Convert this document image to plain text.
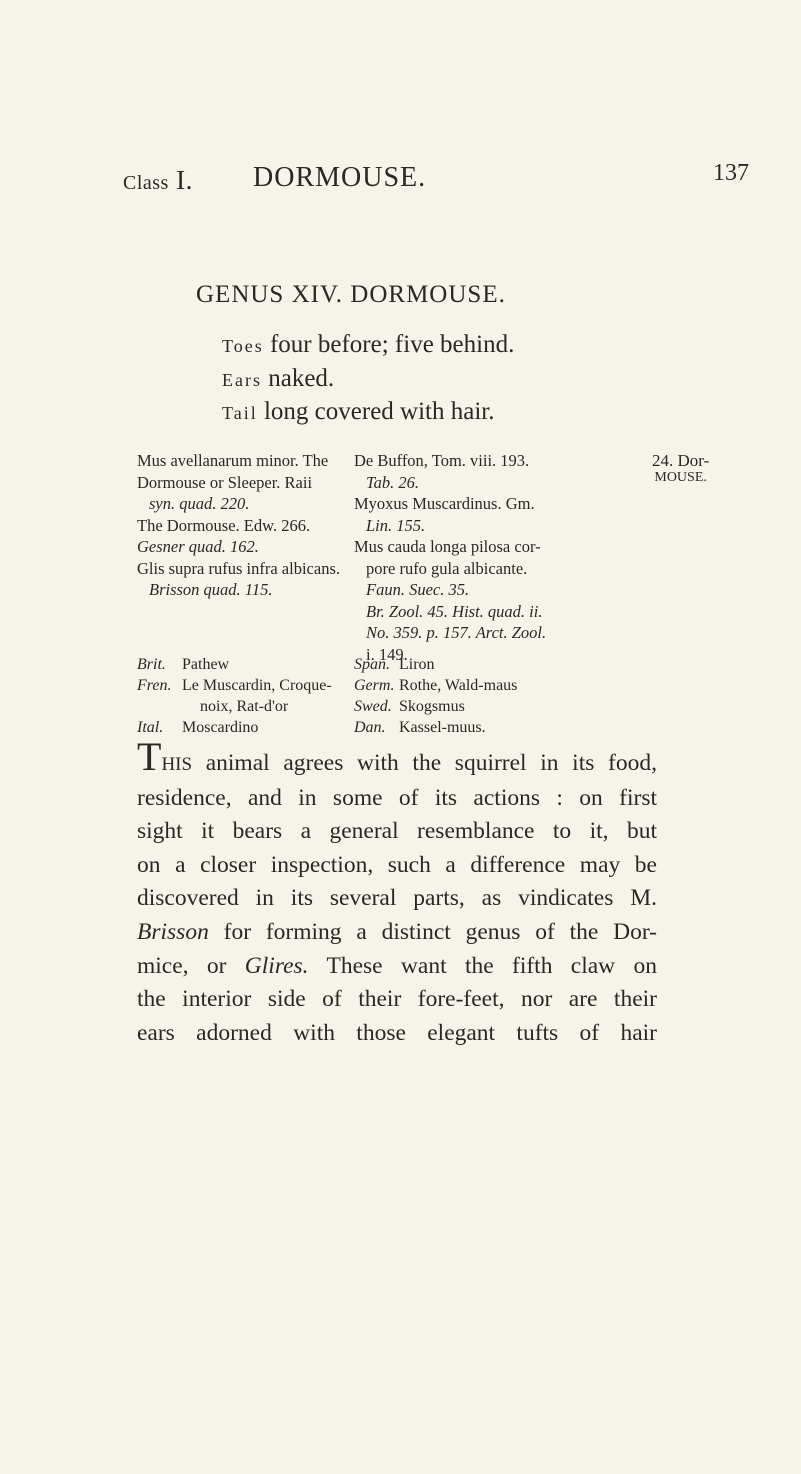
Class I. DORMOUSE.	137
GENUS XIV. DORMOUSE.
Toes four before; five behind.
Ears naked.
Tail long covered with hair.
Mus avellanarum minor. The
Dormouse or Sleeper. Raii
syn. quad. 220.
The Dormouse. Edw. 266.
Gesner quad. 162.
Glis supra rufus infra albicans.
Brisson quad. 115.
De Buffon, Tom. viii. 193.
Tab. 26.
Myoxus Muscardinus. Gm.
Lin. 155.
Mus cauda longa pilosa cor-
pore rufo gula albicante.
Faun. Suec. 35.
Br. Zool. 45. Hist. quad. ii.
No. 359. p. 157. Arct. Zool.
i. 149.
24. Dor-
MOUSE.
Brit. Pathew
Fren. Le Muscardin, Croque-
noix, Rat-d'or
Ital. Moscardino
Span. Liron
Germ. Rothe, Wald-maus
Swed. Skogsmus
Dan. Kassel-muus.
THIS animal agrees with the squirrel in its food,
residence, and in some of its actions : on first
sight it bears a general resemblance to it, but
on a closer inspection, such a difference may be
discovered in its several parts, as vindicates M.
Brisson for forming a distinct genus of the Dor-
mice, or Glires. These want the fifth claw on
the interior side of their fore-feet, nor are their
ears adorned with those elegant tufts of hair
